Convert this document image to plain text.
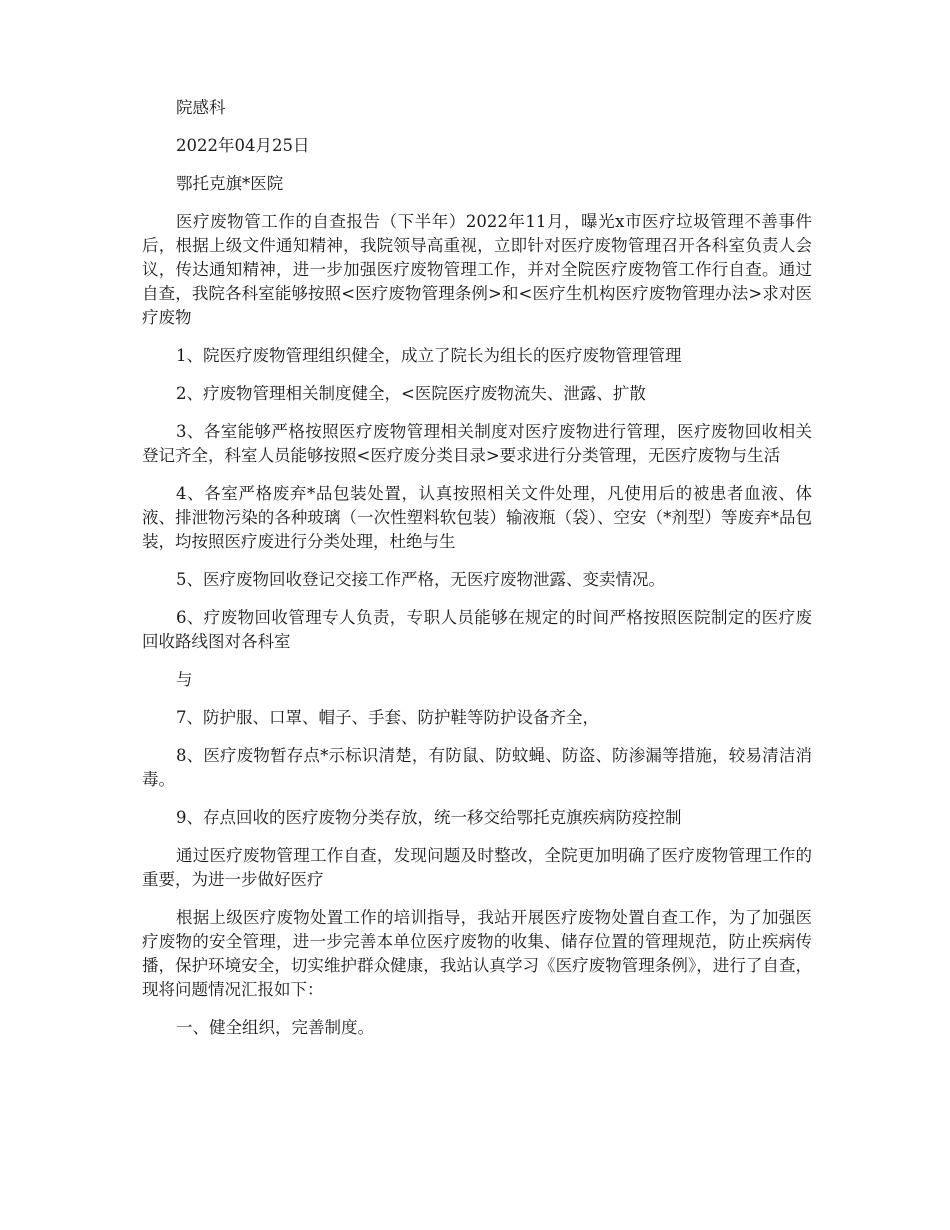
院感科

2022年04月25日

鄂托克旗*医院

医疗废物管工作的自查报告（下半年）2022年11月，曝光x市医疗垃圾管理不善事件后，根据上级文件通知精神，我院领导高重视，立即针对医疗废物管理召开各科室负责人会议，传达通知精神，进一步加强医疗废物管理工作，并对全院医疗废物管工作行自查。通过自查，我院各科室能够按照<医疗废物管理条例>和<医疗生机构医疗废物管理办法>求对医疗废物

1、院医疗废物管理组织健全，成立了院长为组长的医疗废物管理管理

2、疗废物管理相关制度健全，<医院医疗废物流失、泄露、扩散

3、各室能够严格按照医疗废物管理相关制度对医疗废物进行管理，医疗废物回收相关登记齐全，科室人员能够按照<医疗废分类目录>要求进行分类管理，无医疗废物与生活

4、各室严格废弃*品包装处置，认真按照相关文件处理，凡使用后的被患者血液、体液、排泄物污染的各种玻璃（一次性塑料软包装）输液瓶（袋）、空安（*剂型）等废弃*品包装，均按照医疗废进行分类处理，杜绝与生

5、医疗废物回收登记交接工作严格，无医疗废物泄露、变卖情况。

6、疗废物回收管理专人负责，专职人员能够在规定的时间严格按照医院制定的医疗废回收路线图对各科室

与

7、防护服、口罩、帽子、手套、防护鞋等防护设备齐全，

8、医疗废物暂存点*示标识清楚，有防鼠、防蚊蝇、防盗、防渗漏等措施，较易清洁消毒。

9、存点回收的医疗废物分类存放，统一移交给鄂托克旗疾病防疫控制

通过医疗废物管理工作自查，发现问题及时整改，全院更加明确了医疗废物管理工作的重要，为进一步做好医疗

根据上级医疗废物处置工作的培训指导，我站开展医疗废物处置自查工作，为了加强医疗废物的安全管理，进一步完善本单位医疗废物的收集、储存位置的管理规范，防止疾病传播，保护环境安全，切实维护群众健康，我站认真学习《医疗废物管理条例》，进行了自查，现将问题情况汇报如下：

一、健全组织，完善制度。
